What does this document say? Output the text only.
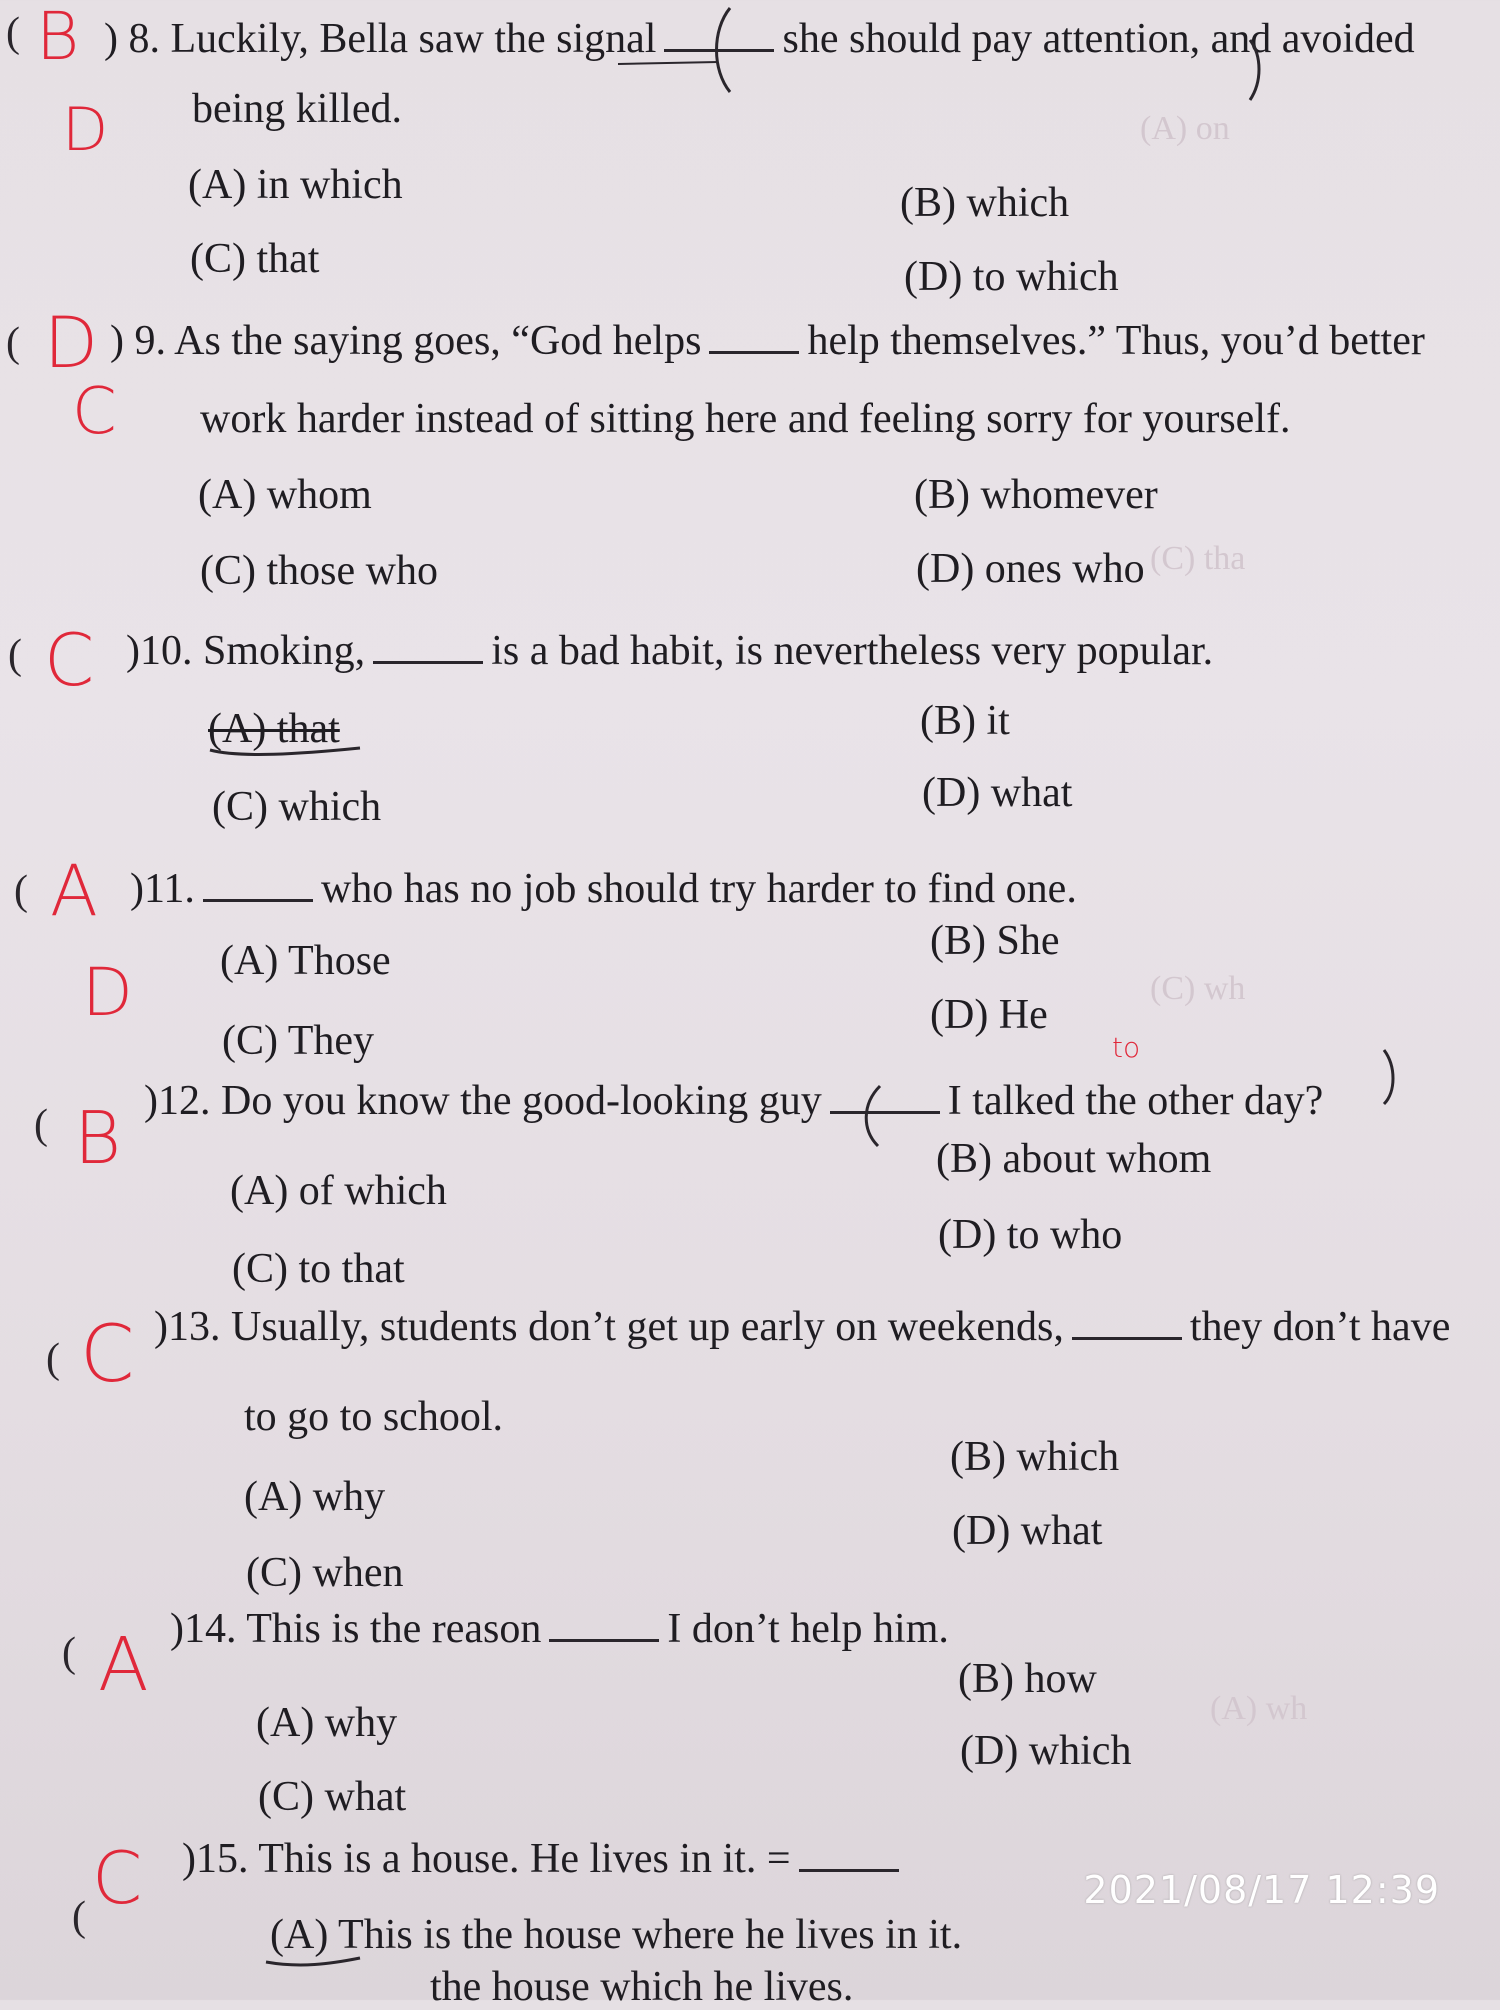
(A) on
(C) tha
(C) wh
(A) wh
( B ) 8. Luckily, Bella saw the signal	she should pay attention, and avoided
being killed.
D
(A) in which	(B) which
(C) that	(D) to which
( D ) 9. As the saying goes, “God helps	help themselves.” Thus, you’d better
C work harder instead of sitting here and feeling sorry for yourself.
(A) whom	(B) whomever
(C) those who	(D) ones who
( C )10. Smoking,	is a bad habit, is nevertheless very popular.
(A) that	(B) it
(C) which	(D) what
( A )11.	who has no job should try harder to find one.
D (A) Those	(B) She
(C) They
(D) He
( B
to
)12. Do you know the good-looking guy	I talked the other day?
(A) of which
(B) about whom
(C) to that
(D) to who
( C )13. Usually, students don’t get up early on weekends,	they don’t have
to go to school.
(A) why
(B) which
(C) when
(D) what
( A )14. This is the reason	I don’t help him.
(A) why
(B) how
(C) what
(D) which
( C )15. This is a house. He lives in it. =
(A) This is the house where he lives in it.
the house which he lives.
2021/08/17 12:39
